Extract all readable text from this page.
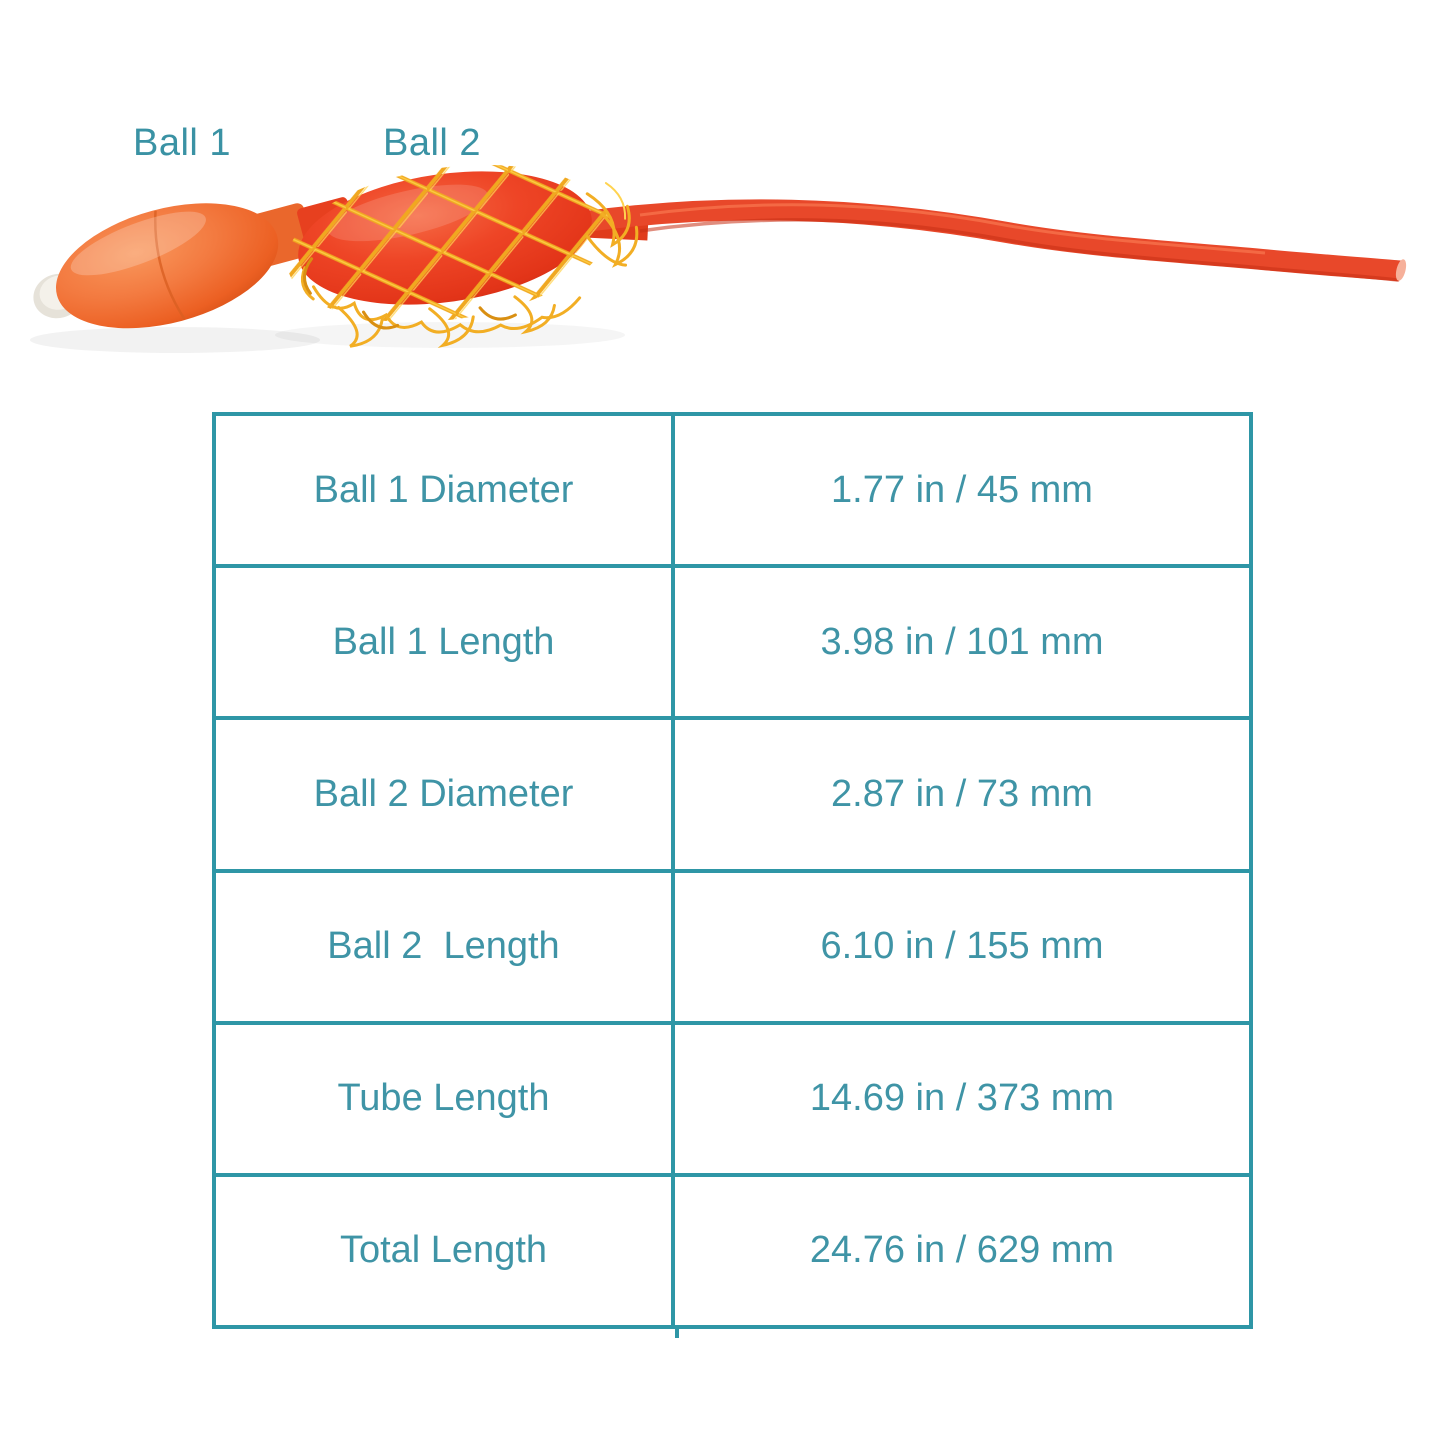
Ball 1	Ball 2
Ball 1 Diameter	1.77 in / 45 mm
Ball 1 Length	3.98 in / 101 mm
Ball 2 Diameter	2.87 in / 73 mm
Ball 2  Length	6.10 in / 155 mm
Tube Length	14.69 in / 373 mm
Total Length	24.76 in / 629 mm
